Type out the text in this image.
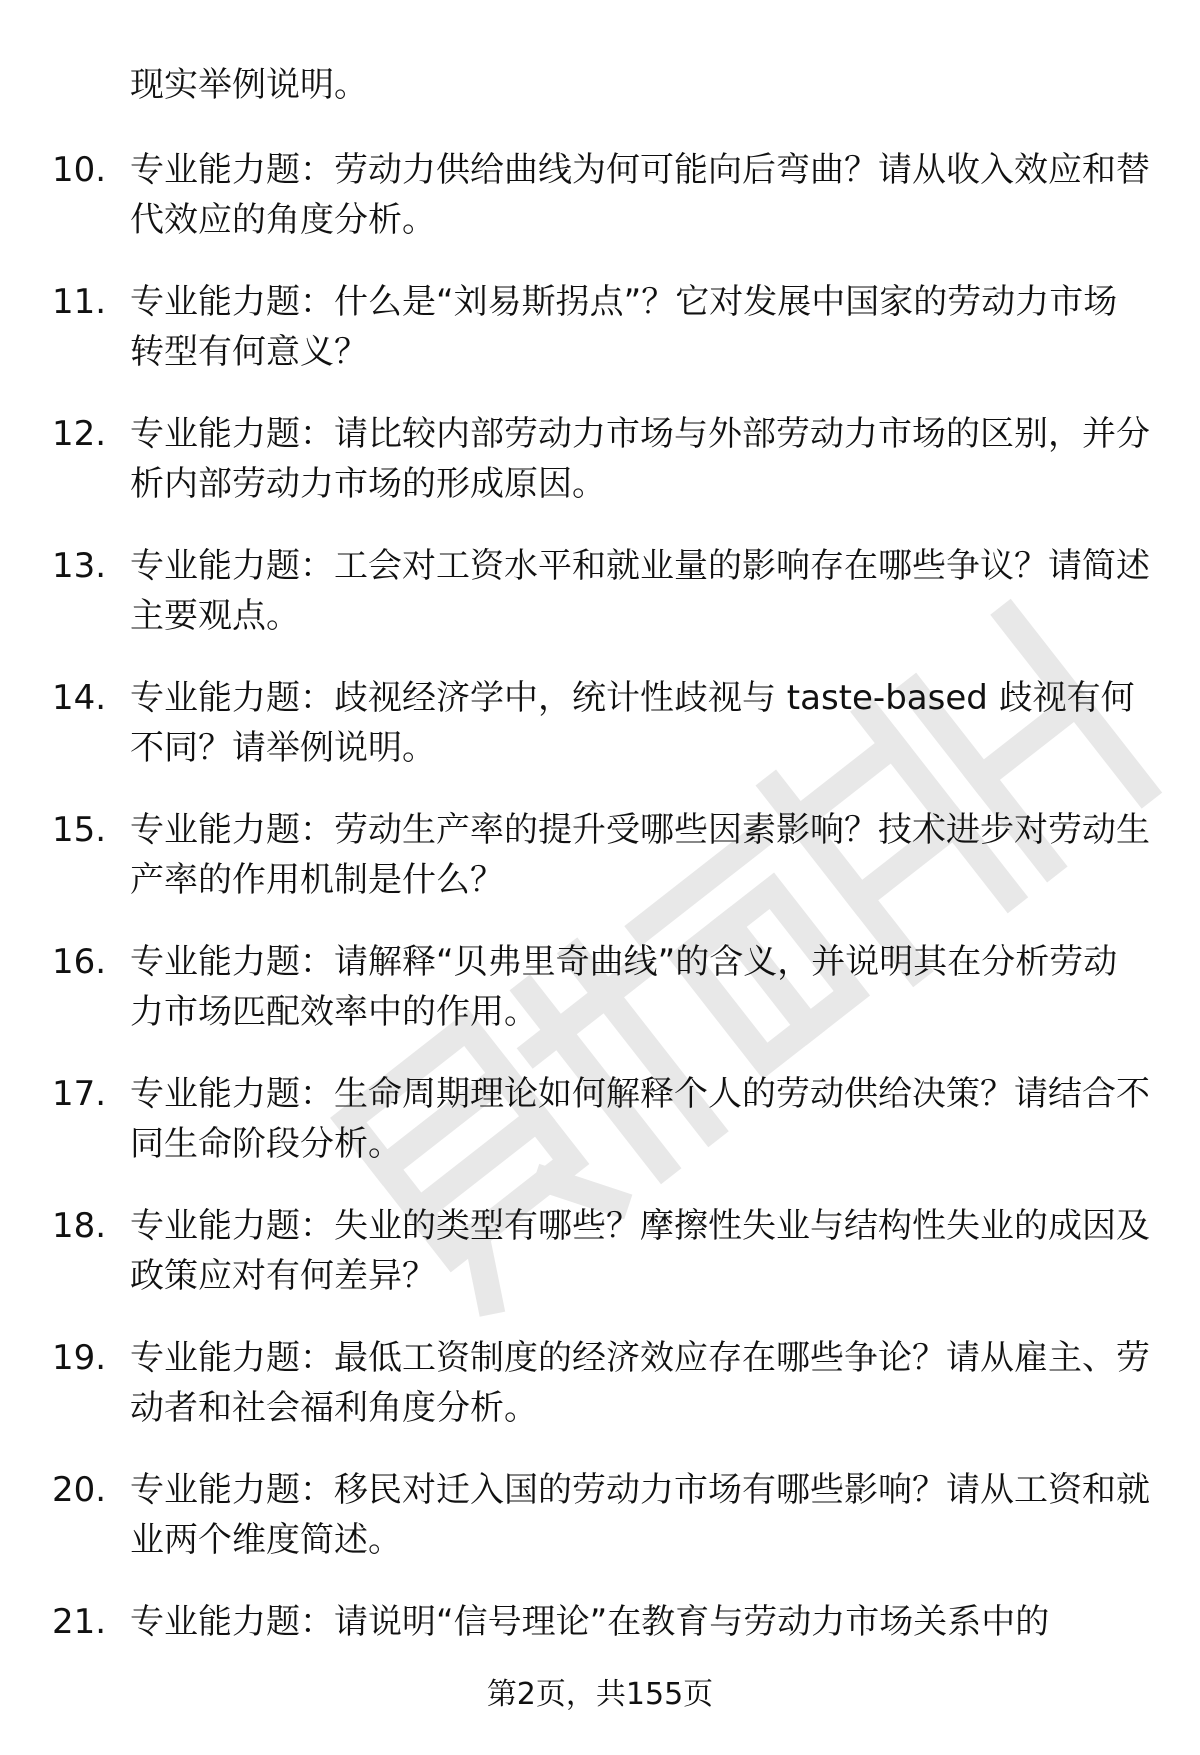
现实举例说明。

10. 专业能力题：劳动力供给曲线为何可能向后弯曲？请从收入效应和替代效应的角度分析。

11. 专业能力题：什么是“刘易斯拐点”？它对发展中国家的劳动力市场转型有何意义？

12. 专业能力题：请比较内部劳动力市场与外部劳动力市场的区别，并分析内部劳动力市场的形成原因。

13. 专业能力题：工会对工资水平和就业量的影响存在哪些争议？请简述主要观点。

14. 专业能力题：歧视经济学中，统计性歧视与 taste-based 歧视有何不同？请举例说明。

15. 专业能力题：劳动生产率的提升受哪些因素影响？技术进步对劳动生产率的作用机制是什么？

16. 专业能力题：请解释“贝弗里奇曲线”的含义，并说明其在分析劳动力市场匹配效率中的作用。

17. 专业能力题：生命周期理论如何解释个人的劳动供给决策？请结合不同生命阶段分析。

18. 专业能力题：失业的类型有哪些？摩擦性失业与结构性失业的成因及政策应对有何差异？

19. 专业能力题：最低工资制度的经济效应存在哪些争论？请从雇主、劳动者和社会福利角度分析。

20. 专业能力题：移民对迁入国的劳动力市场有哪些影响？请从工资和就业两个维度简述。

21. 专业能力题：请说明“信号理论”在教育与劳动力市场关系中的

第2页，共155页
